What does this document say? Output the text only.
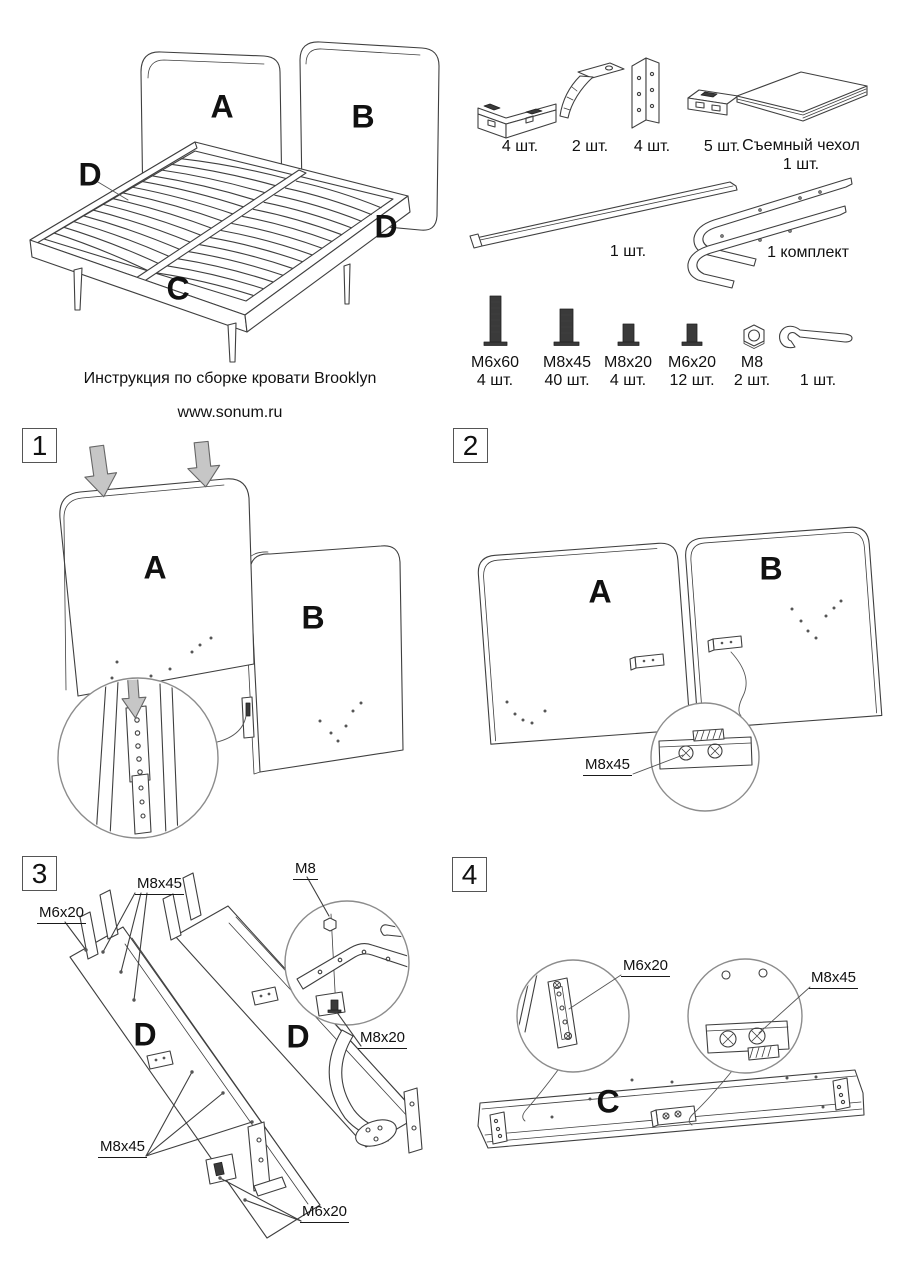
A	B
D
D
C
Инструкция по сборке кровати Brooklyn
www.sonum.ru
4 шт. 2 шт. 4 шт. 5 шт. Съемный чехол
1 шт.
1 шт.	1 комплект
M6x60
4 шт.
M8x45
40 шт.
M8x20
4 шт.
M6x20
12 шт.
M8
2 шт. 1 шт.
1
A
B
2
A
B
M8x45
3
D	D
M8x45
M6x20
M8
M8x20
M8x45
M6x20
4
C
M6x20
M8x45
